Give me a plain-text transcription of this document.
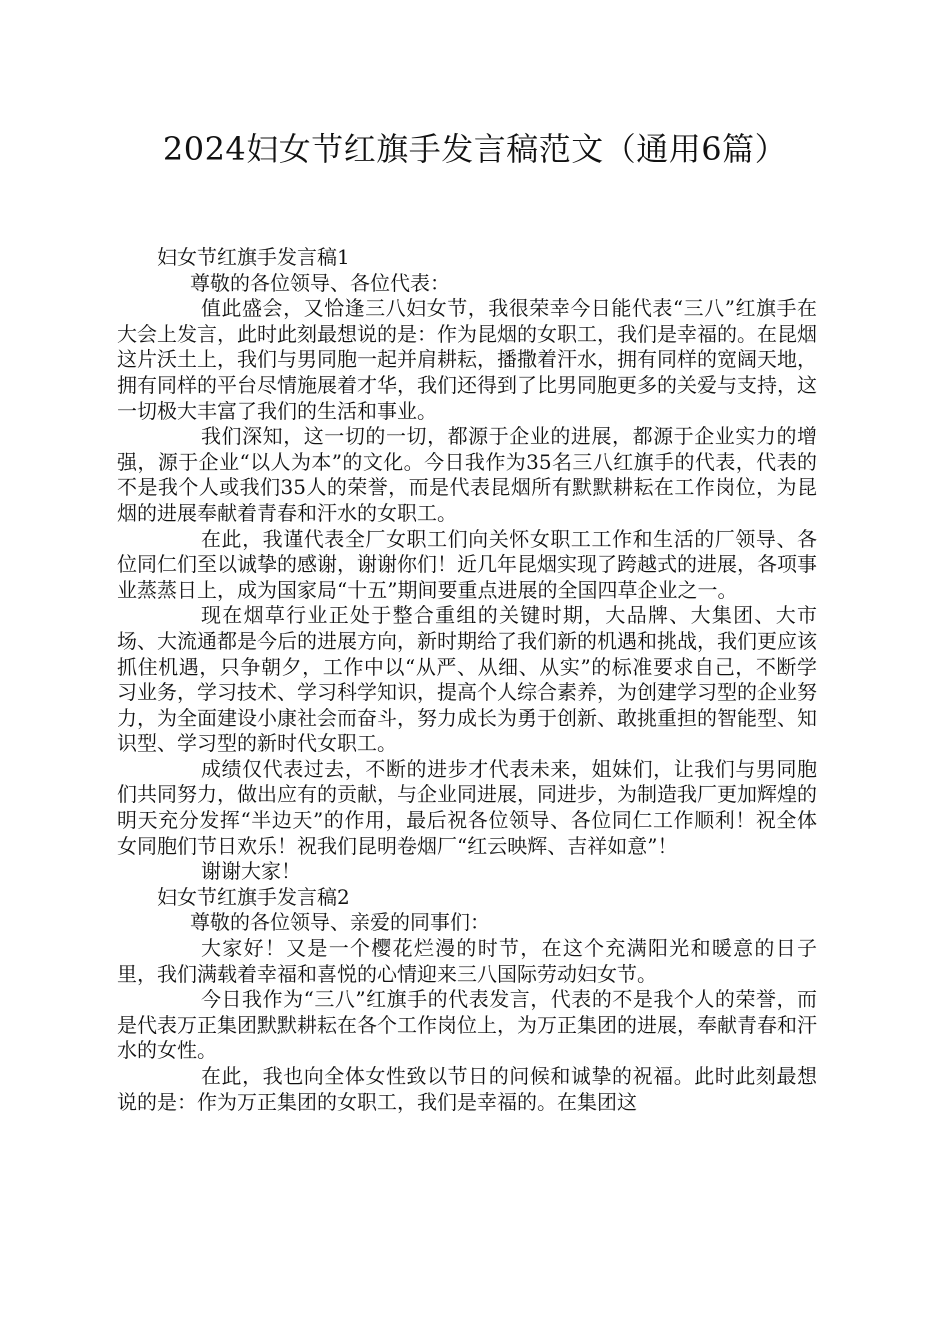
2024妇女节红旗手发言稿范文（通用6篇）
妇女节红旗手发言稿1

尊敬的各位领导、各位代表：

值此盛会，又恰逢三八妇女节，我很荣幸今日能代表“三八”红旗手在大会上发言，此时此刻最想说的是：作为昆烟的女职工，我们是幸福的。在昆烟这片沃土上，我们与男同胞一起并肩耕耘，播撒着汗水，拥有同样的宽阔天地，拥有同样的平台尽情施展着才华，我们还得到了比男同胞更多的关爱与支持，这一切极大丰富了我们的生活和事业。

我们深知，这一切的一切，都源于企业的进展，都源于企业实力的增强，源于企业“以人为本”的文化。今日我作为35名三八红旗手的代表，代表的不是我个人或我们35人的荣誉，而是代表昆烟所有默默耕耘在工作岗位，为昆烟的进展奉献着青春和汗水的女职工。

在此，我谨代表全厂女职工们向关怀女职工工作和生活的厂领导、各位同仁们至以诚挚的感谢，谢谢你们！近几年昆烟实现了跨越式的进展，各项事业蒸蒸日上，成为国家局“十五”期间要重点进展的全国四草企业之一。

现在烟草行业正处于整合重组的关键时期，大品牌、大集团、大市场、大流通都是今后的进展方向，新时期给了我们新的机遇和挑战，我们更应该抓住机遇，只争朝夕，工作中以“从严、从细、从实”的标准要求自己，不断学习业务，学习技术、学习科学知识，提高个人综合素养，为创建学习型的企业努力，为全面建设小康社会而奋斗，努力成长为勇于创新、敢挑重担的智能型、知识型、学习型的新时代女职工。

成绩仅代表过去，不断的进步才代表未来，姐妹们，让我们与男同胞们共同努力，做出应有的贡献，与企业同进展，同进步，为制造我厂更加辉煌的明天充分发挥“半边天”的作用，最后祝各位领导、各位同仁工作顺利！祝全体女同胞们节日欢乐！祝我们昆明卷烟厂“红云映辉、吉祥如意”！

谢谢大家！

妇女节红旗手发言稿2

尊敬的各位领导、亲爱的同事们：

大家好！又是一个樱花烂漫的时节，在这个充满阳光和暖意的日子里，我们满载着幸福和喜悦的心情迎来三八国际劳动妇女节。

今日我作为“三八”红旗手的代表发言，代表的不是我个人的荣誉，而是代表万正集团默默耕耘在各个工作岗位上，为万正集团的进展，奉献青春和汗水的女性。

在此，我也向全体女性致以节日的问候和诚挚的祝福。此时此刻最想说的是：作为万正集团的女职工，我们是幸福的。在集团这
